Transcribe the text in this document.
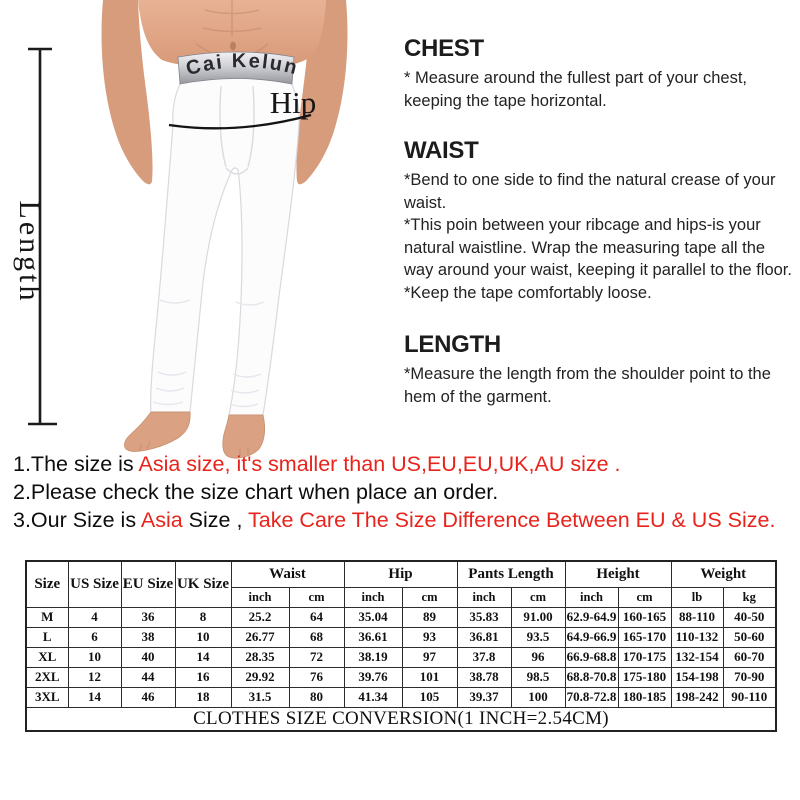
Cai Kelun
Hip
Length
CHEST

* Measure around the fullest part of your chest, keeping the tape horizontal.

WAIST

*Bend to one side to find the natural crease of your waist.

*This poin between your ribcage and hips-is your natural waistline. Wrap the measuring tape all the way around your waist, keeping it parallel to the floor.

*Keep the tape comfortably loose.

LENGTH

*Measure the length from the shoulder point to the hem of the garment.

1.The size is Asia size, it's smaller than US,EU,EU,UK,AU size .

2.Please check the size chart when place an order.

3.Our Size is Asia Size , Take Care The Size Difference Between EU & US Size.

Size	US Size	EU Size	UK Size	Waist		Hip		Pants Length		Height		Weight	
				inch	cm	inch	cm	inch	cm	inch	cm	lb	kg
M	4	36	8	25.2	64	35.04	89	35.83	91.00	62.9-64.9	160-165	88-110	40-50
L	6	38	10	26.77	68	36.61	93	36.81	93.5	64.9-66.9	165-170	110-132	50-60
XL	10	40	14	28.35	72	38.19	97	37.8	96	66.9-68.8	170-175	132-154	60-70
2XL	12	44	16	29.92	76	39.76	101	38.78	98.5	68.8-70.8	175-180	154-198	70-90
3XL	14	46	18	31.5	80	41.34	105	39.37	100	70.8-72.8	180-185	198-242	90-110
CLOTHES SIZE CONVERSION(1 INCH=2.54CM)													
